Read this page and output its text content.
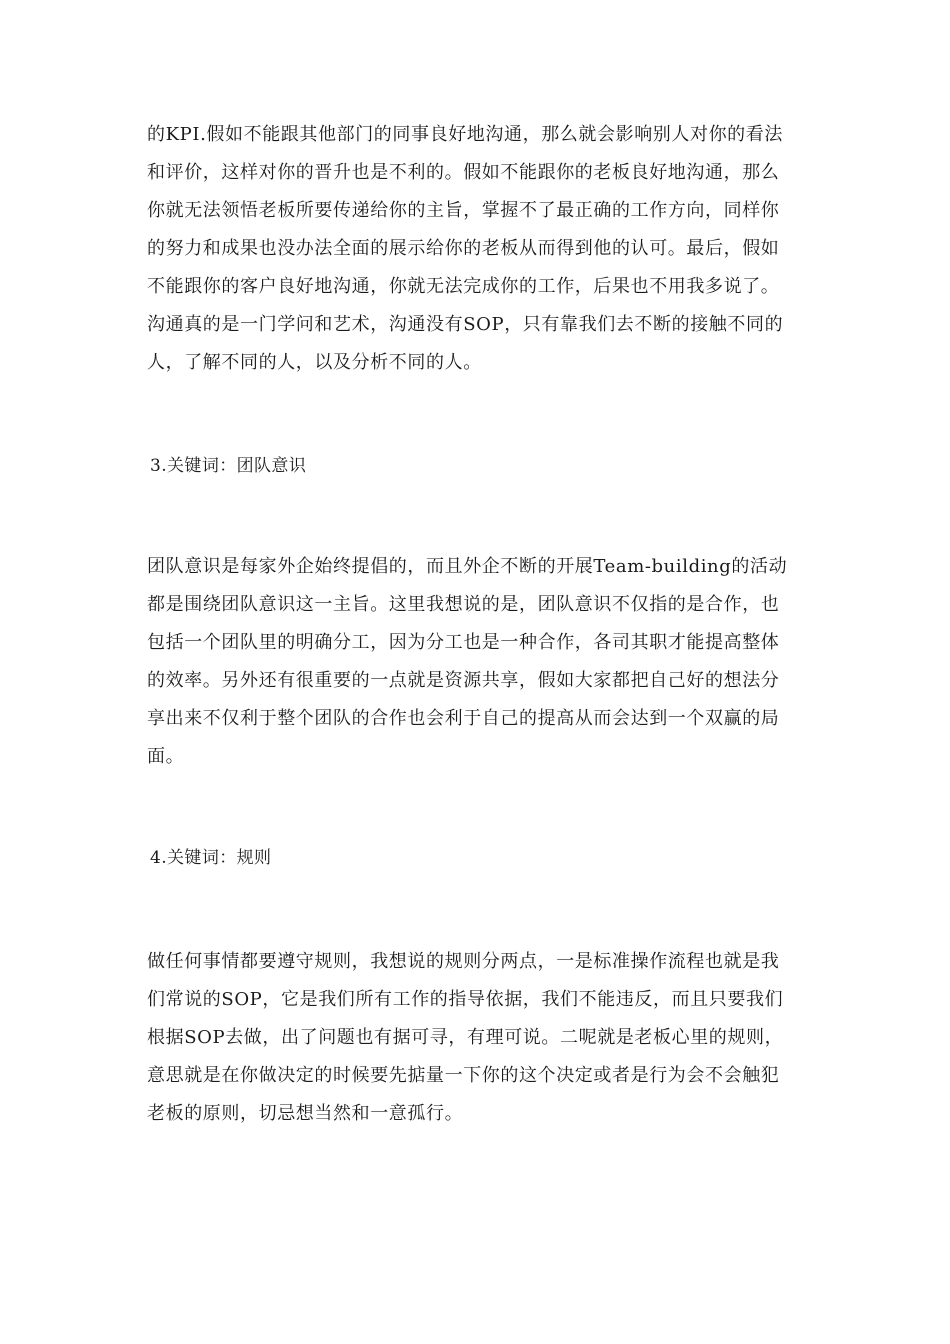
的KPI.假如不能跟其他部门的同事良好地沟通，那么就会影响别人对你的看法
和评价，这样对你的晋升也是不利的。假如不能跟你的老板良好地沟通，那么
你就无法领悟老板所要传递给你的主旨，掌握不了最正确的工作方向，同样你
的努力和成果也没办法全面的展示给你的老板从而得到他的认可。最后，假如
不能跟你的客户良好地沟通，你就无法完成你的工作，后果也不用我多说了。
沟通真的是一门学问和艺术，沟通没有SOP，只有靠我们去不断的接触不同的
人，了解不同的人，以及分析不同的人。
3.关键词：团队意识
团队意识是每家外企始终提倡的，而且外企不断的开展Team-building的活动
都是围绕团队意识这一主旨。这里我想说的是，团队意识不仅指的是合作，也
包括一个团队里的明确分工，因为分工也是一种合作，各司其职才能提高整体
的效率。另外还有很重要的一点就是资源共享，假如大家都把自己好的想法分
享出来不仅利于整个团队的合作也会利于自己的提高从而会达到一个双赢的局
面。
4.关键词：规则
做任何事情都要遵守规则，我想说的规则分两点，一是标准操作流程也就是我
们常说的SOP，它是我们所有工作的指导依据，我们不能违反，而且只要我们
根据SOP去做，出了问题也有据可寻，有理可说。二呢就是老板心里的规则，
意思就是在你做决定的时候要先掂量一下你的这个决定或者是行为会不会触犯
老板的原则，切忌想当然和一意孤行。
